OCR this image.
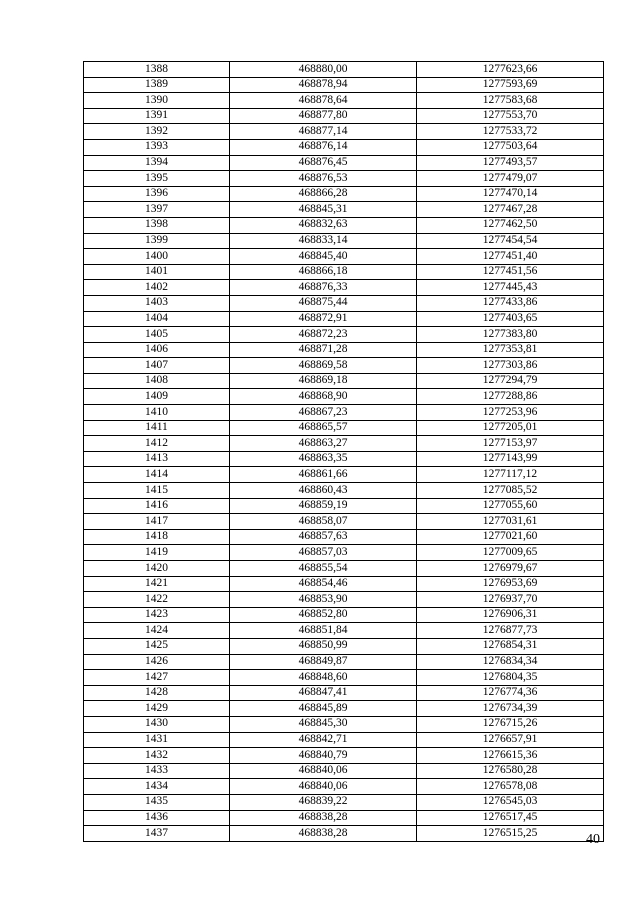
1388	468880,00	1277623,66
1389	468878,94	1277593,69
1390	468878,64	1277583,68
1391	468877,80	1277553,70
1392	468877,14	1277533,72
1393	468876,14	1277503,64
1394	468876,45	1277493,57
1395	468876,53	1277479,07
1396	468866,28	1277470,14
1397	468845,31	1277467,28
1398	468832,63	1277462,50
1399	468833,14	1277454,54
1400	468845,40	1277451,40
1401	468866,18	1277451,56
1402	468876,33	1277445,43
1403	468875,44	1277433,86
1404	468872,91	1277403,65
1405	468872,23	1277383,80
1406	468871,28	1277353,81
1407	468869,58	1277303,86
1408	468869,18	1277294,79
1409	468868,90	1277288,86
1410	468867,23	1277253,96
1411	468865,57	1277205,01
1412	468863,27	1277153,97
1413	468863,35	1277143,99
1414	468861,66	1277117,12
1415	468860,43	1277085,52
1416	468859,19	1277055,60
1417	468858,07	1277031,61
1418	468857,63	1277021,60
1419	468857,03	1277009,65
1420	468855,54	1276979,67
1421	468854,46	1276953,69
1422	468853,90	1276937,70
1423	468852,80	1276906,31
1424	468851,84	1276877,73
1425	468850,99	1276854,31
1426	468849,87	1276834,34
1427	468848,60	1276804,35
1428	468847,41	1276774,36
1429	468845,89	1276734,39
1430	468845,30	1276715,26
1431	468842,71	1276657,91
1432	468840,79	1276615,36
1433	468840,06	1276580,28
1434	468840,06	1276578,08
1435	468839,22	1276545,03
1436	468838,28	1276517,45
1437	468838,28	1276515,25	40
